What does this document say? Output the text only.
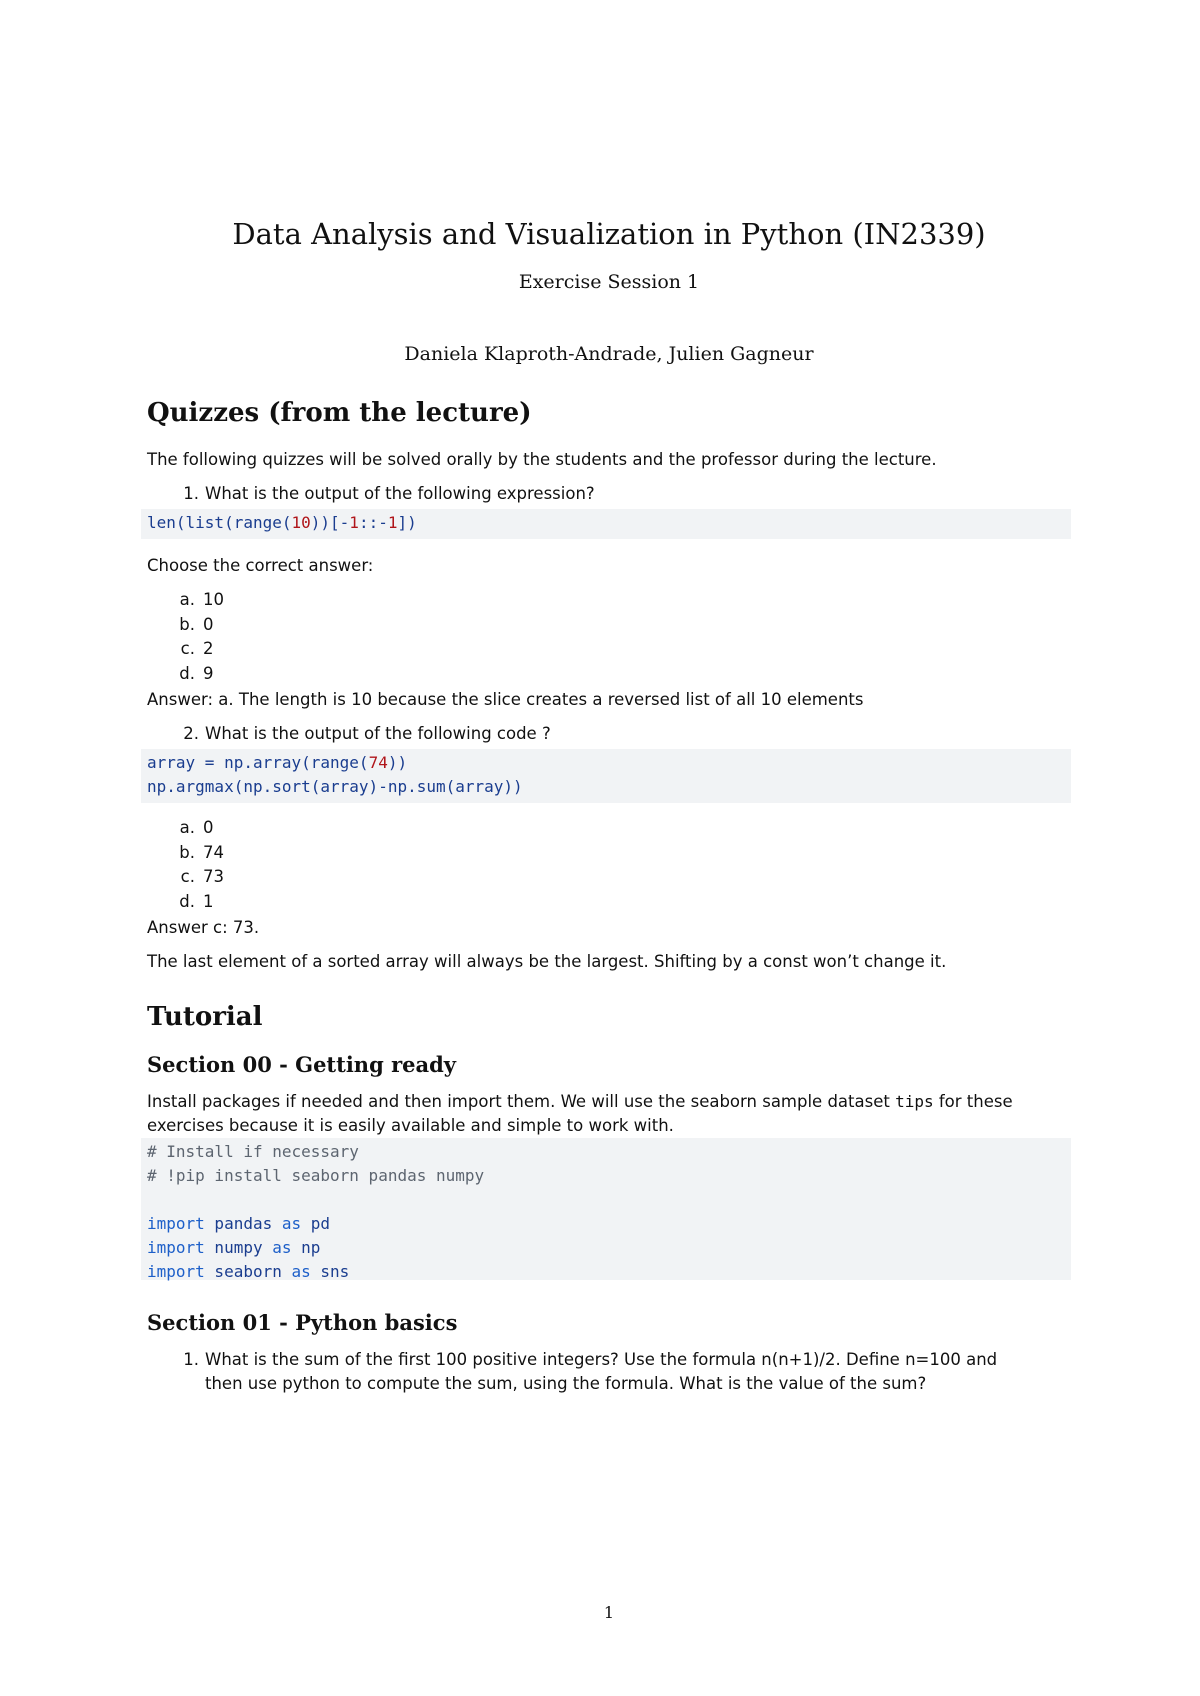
Data Analysis and Visualization in Python (IN2339)
Exercise Session 1
Daniela Klaproth-Andrade, Julien Gagneur
Quizzes (from the lecture)
The following quizzes will be solved orally by the students and the professor during the lecture.
1. What is the output of the following expression?
len(list(range(10))[-1::-1])
Choose the correct answer:
a. 10
b. 0
c. 2
d. 9
Answer: a. The length is 10 because the slice creates a reversed list of all 10 elements
2. What is the output of the following code ?
array = np.array(range(74))
np.argmax(np.sort(array)-np.sum(array))
a. 0
b. 74
c. 73
d. 1
Answer c: 73.
The last element of a sorted array will always be the largest. Shifting by a const won’t change it.
Tutorial
Section 00 - Getting ready
Install packages if needed and then import them. We will use the seaborn sample dataset tips for these exercises because it is easily available and simple to work with.
# Install if necessary
# !pip install seaborn pandas numpy

import pandas as pd
import numpy as np
import seaborn as sns
Section 01 - Python basics
1. What is the sum of the first 100 positive integers? Use the formula n(n+1)/2. Define n=100 and
then use python to compute the sum, using the formula. What is the value of the sum?
1
